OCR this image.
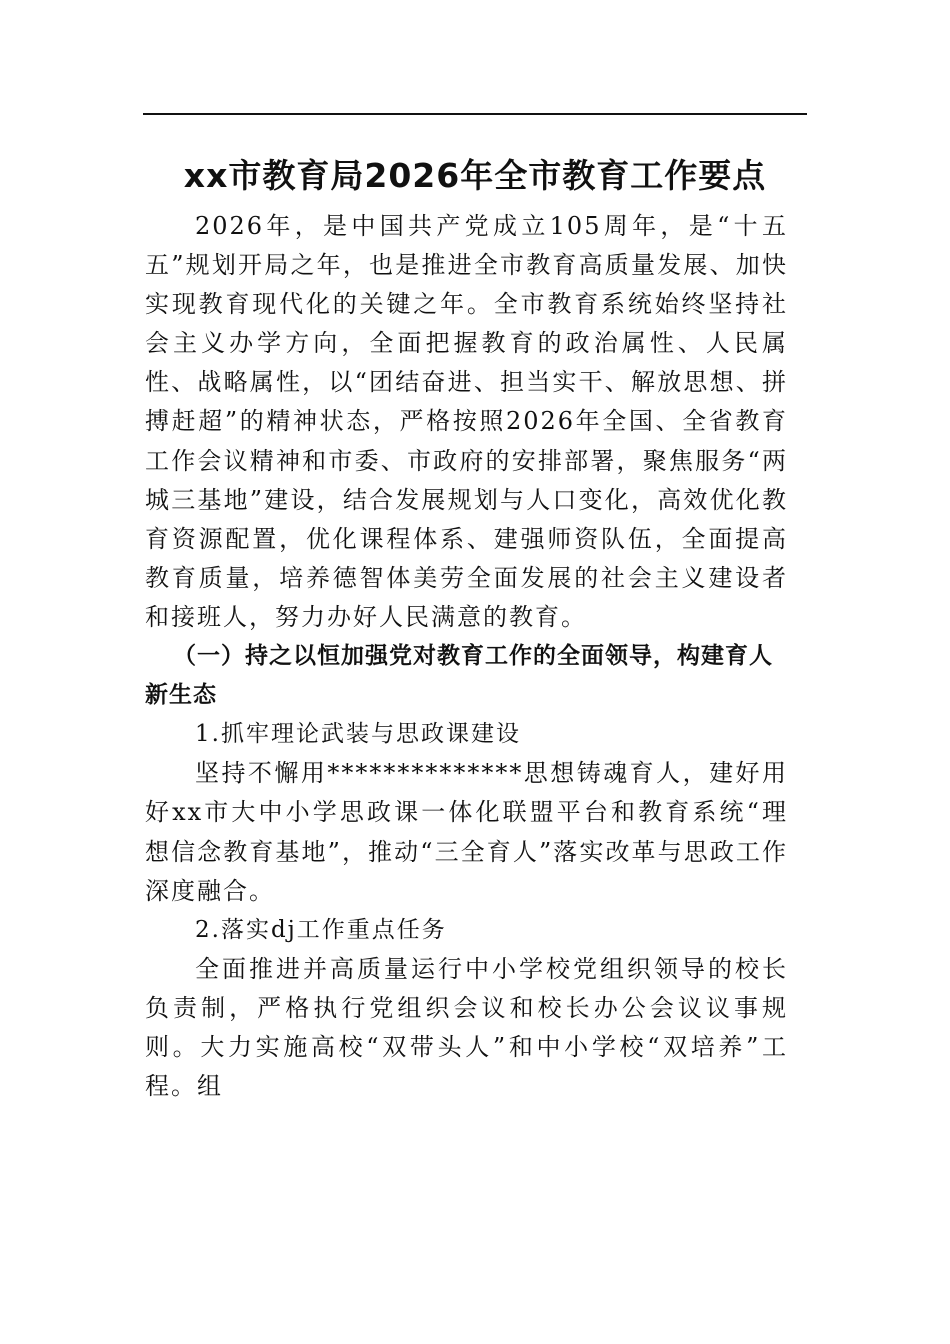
xx市教育局2026年全市教育工作要点

2026年，是中国共产党成立105周年，是“十五五”规划开局之年，也是推进全市教育高质量发展、加快实现教育现代化的关键之年。全市教育系统始终坚持社会主义办学方向，全面把握教育的政治属性、人民属性、战略属性，以“团结奋进、担当实干、解放思想、拼搏赶超”的精神状态，严格按照2026年全国、全省教育工作会议精神和市委、市政府的安排部署，聚焦服务“两城三基地”建设，结合发展规划与人口变化，高效优化教育资源配置，优化课程体系、建强师资队伍，全面提高教育质量，培养德智体美劳全面发展的社会主义建设者和接班人，努力办好人民满意的教育。

（一）持之以恒加强党对教育工作的全面领导，构建育人新生态

1.抓牢理论武装与思政课建设

坚持不懈用**************思想铸魂育人，建好用好xx市大中小学思政课一体化联盟平台和教育系统“理想信念教育基地”，推动“三全育人”落实改革与思政工作深度融合。

2.落实dj工作重点任务

全面推进并高质量运行中小学校党组织领导的校长负责制，严格执行党组织会议和校长办公会议议事规则。大力实施高校“双带头人”和中小学校“双培养”工程。组
